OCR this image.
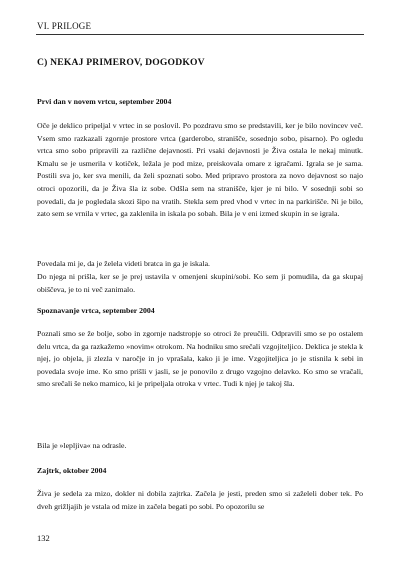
VI. PRILOGE
C) NEKAJ PRIMEROV, DOGODKOV
Prvi dan v novem vrtcu, september 2004

Oče je deklico pripeljal v vrtec in se poslovil. Po pozdravu smo se predstavili, ker je bilo novincev več. Vsem smo razkazali zgornje prostore vrtca (garderobo, stranišče, sosednjo sobo, pisarno). Po ogledu vrtca smo sobo pripravili za različne dejavnosti. Pri vsaki dejavnosti je Živa ostala le nekaj minutk. Kmalu se je usmerila v kotiček, ležala je pod mize, preiskovala omare z igračami. Igrala se je sama. Postili sva jo, ker sva menili, da želi spoznati sobo. Med pripravo prostora za novo dejavnost so najo otroci opozorili, da je Živa šla iz sobe. Odšla sem na stranišče, kjer je ni bilo. V sosednji sobi so povedali, da je pogledala skozi šipo na vratih. Stekla sem pred vhod v vrtec in na parkirišče. Ni je bilo, zato sem se vrnila v vrtec, ga zaklenila in iskala po sobah. Bila je v eni izmed skupin in se igrala.

Povedala mi je, da je želela videti bratca in ga je iskala.

Do njega ni prišla, ker se je prej ustavila v omenjeni skupini/sobi. Ko sem ji pomudila, da ga skupaj obiščeva, je to ni več zanimalo.

Spoznavanje vrtca, september 2004

Poznali smo se že bolje, sobo in zgornje nadstropje so otroci že preučili. Odpravili smo se po ostalem delu vrtca, da ga razkažemo »novim« otrokom. Na hodniku smo srečali vzgojiteljico. Deklica je stekla k njej, jo objela, ji zlezla v naročje in jo vprašala, kako ji je ime. Vzgojiteljica jo je stisnila k sebi in povedala svoje ime. Ko smo prišli v jasli, se je ponovilo z drugo vzgojno delavko. Ko smo se vračali, smo srečali še neko mamico, ki je pripeljala otroka v vrtec. Tudi k njej je takoj šla.

Bila je »lepljiva« na odrasle.

Zajtrk, oktober 2004

Živa je sedela za mizo, dokler ni dobila zajtrka. Začela je jesti, preden smo si zaželeli dober tek. Po dveh grižljajih je vstala od mize in začela begati po sobi. Po opozorilu se

132
